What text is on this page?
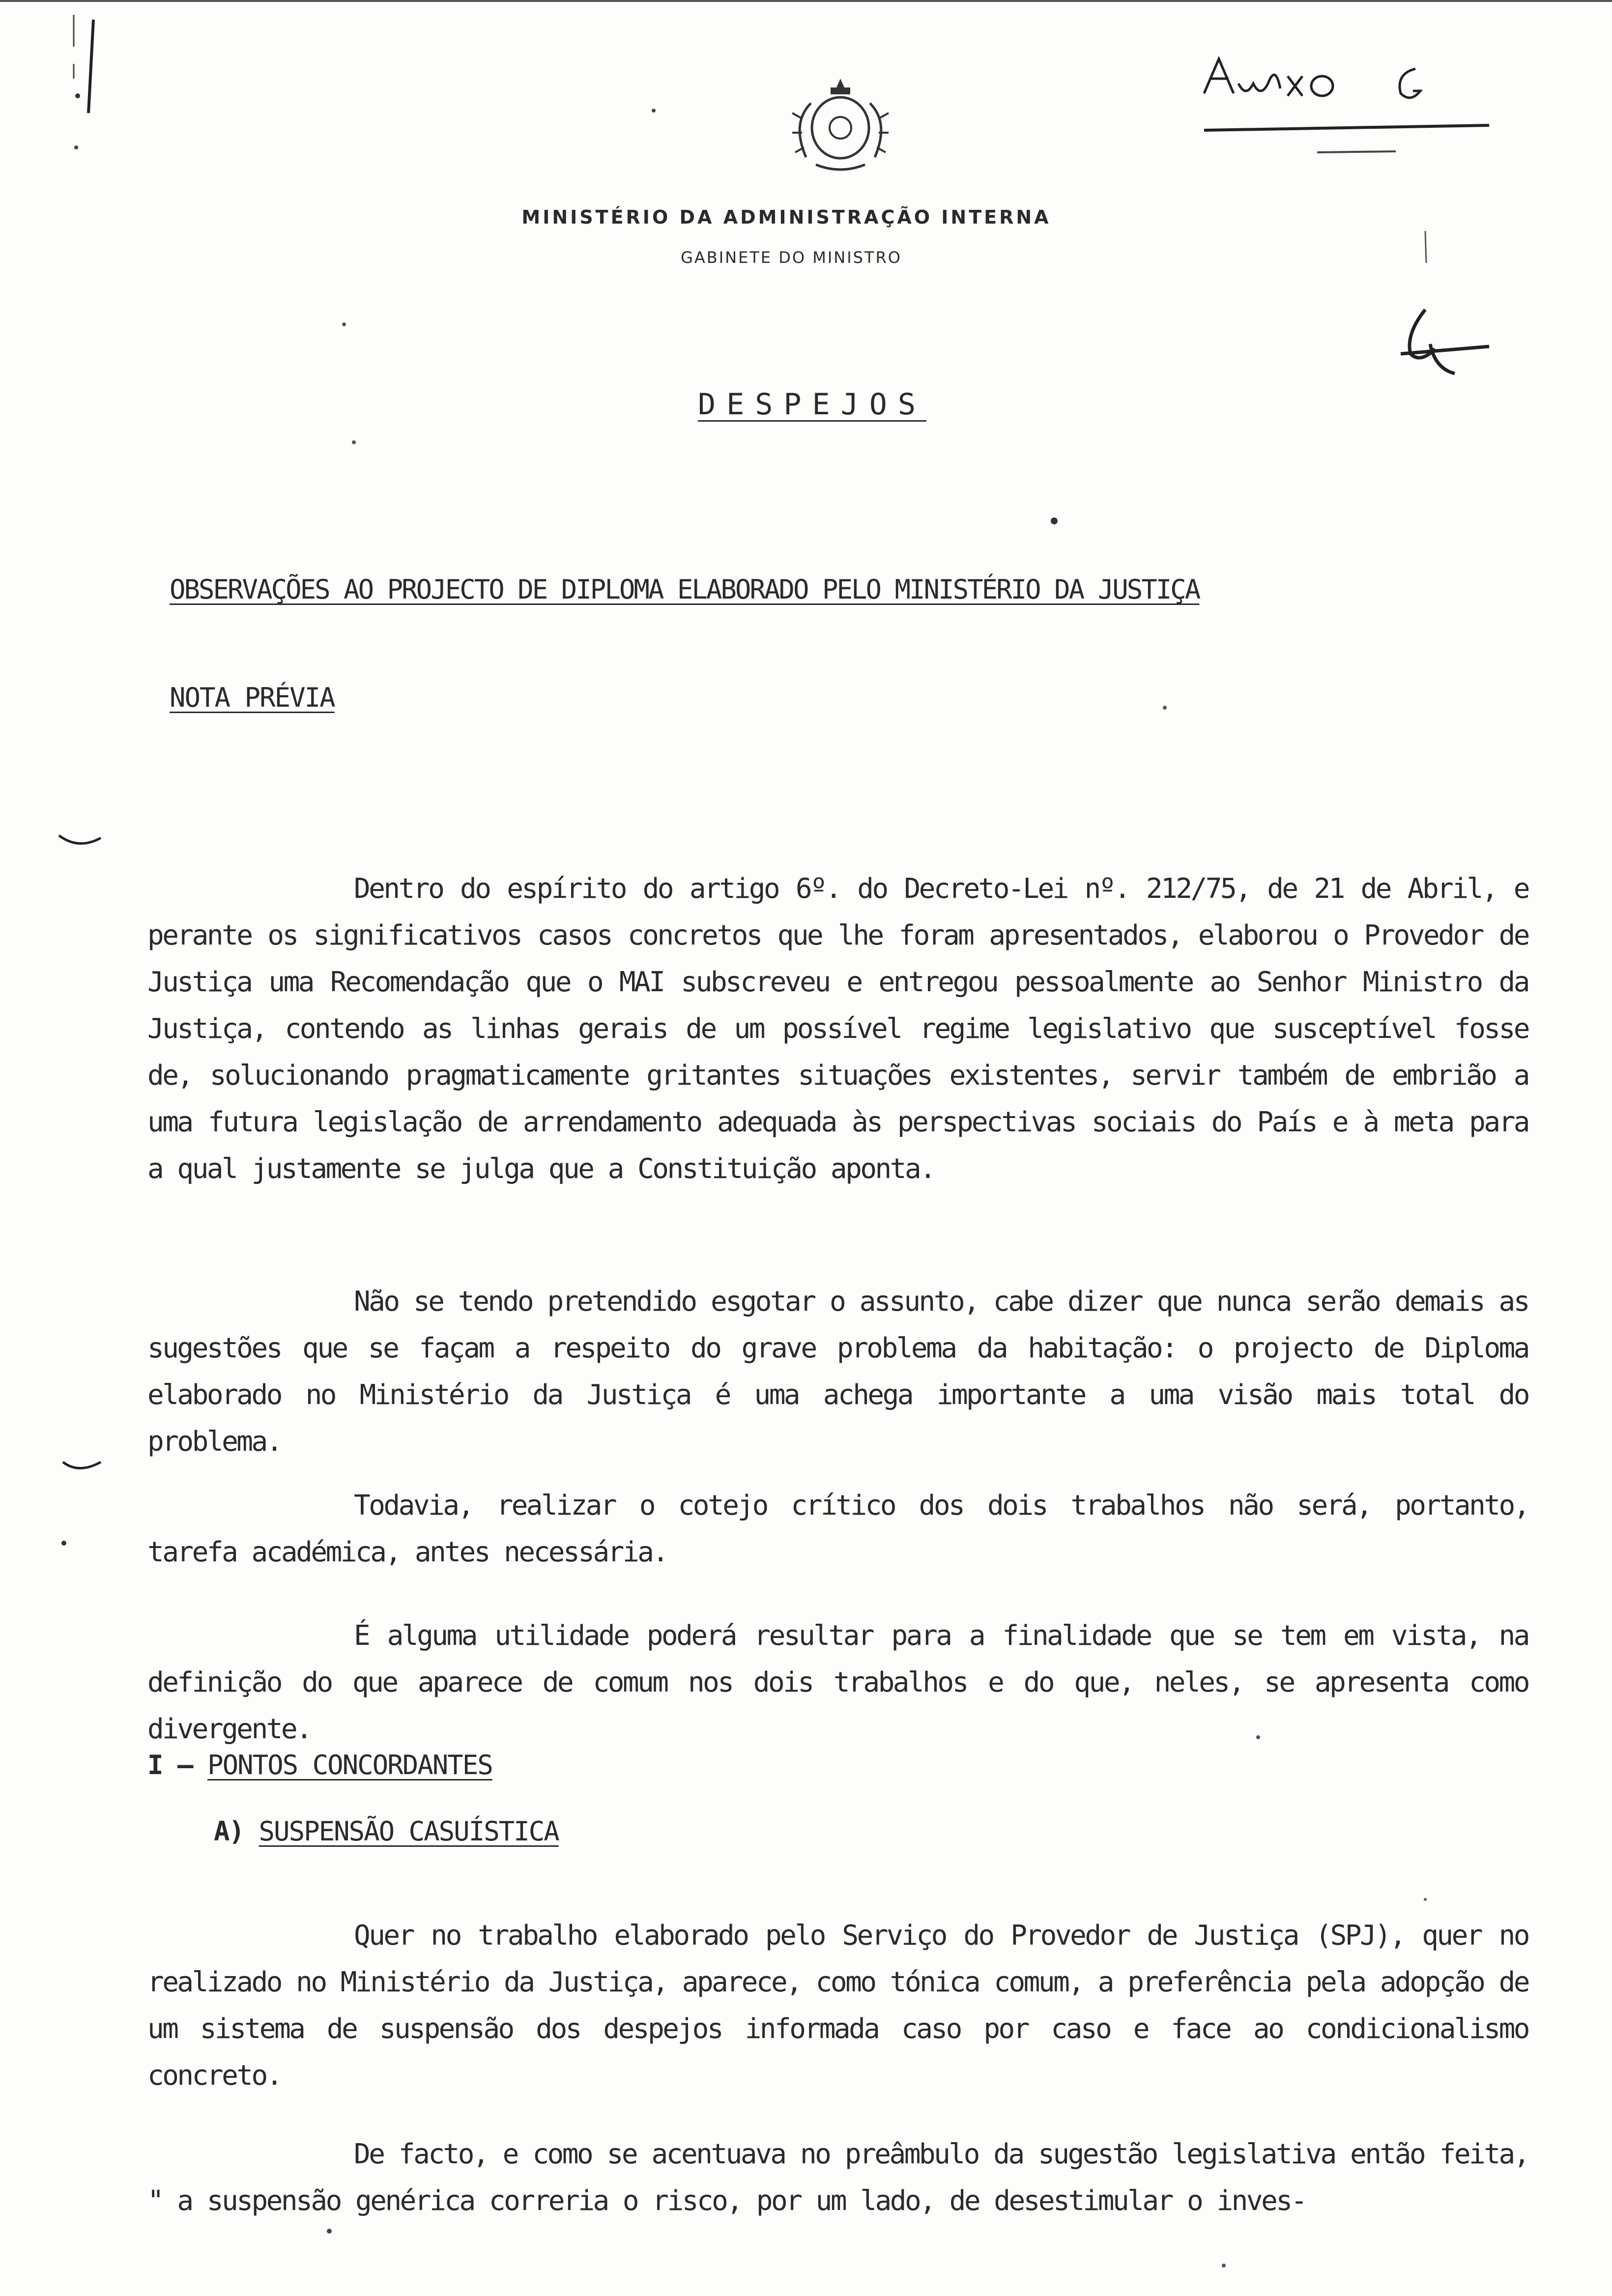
MINISTÉRIO DA ADMINISTRAÇÃO INTERNA
GABINETE DO MINISTRO
DESPEJOS
OBSERVAÇÕES AO PROJECTO DE DIPLOMA ELABORADO PELO MINISTÉRIO DA JUSTIÇA
NOTA PRÉVIA

Dentro do espírito do artigo 6º. do Decreto-Lei nº. 212/75, de 21 de Abril, e perante os significativos casos concretos que lhe foram apresentados, elaborou o Provedor de Justiça uma Recomendação que o MAI subscreveu e entregou pessoalmente ao Senhor Ministro da Justiça, contendo as linhas gerais de um possível regime legislativo que susceptível fosse de, solucionando pragmaticamente gritantes situações existentes, servir também de embrião a uma futura legislação de arrendamento adequada às perspectivas sociais do País e à meta para a qual justamente se julga que a Constituição aponta.

Não se tendo pretendido esgotar o assunto, cabe dizer que nunca serão demais as sugestões que se façam a respeito do grave problema da habitação: o projecto de Diploma elaborado no Ministério da Justiça é uma achega importante a uma visão mais total do problema.

Todavia, realizar o cotejo crítico dos dois trabalhos não será, portanto, tarefa académica, antes necessária.

É alguma utilidade poderá resultar para a finalidade que se tem em vista, na definição do que aparece de comum nos dois trabalhos e do que, neles, se apresenta como divergente.

I – PONTOS CONCORDANTES
A) SUSPENSÃO CASUÍSTICA

Quer no trabalho elaborado pelo Serviço do Provedor de Justiça (SPJ), quer no realizado no Ministério da Justiça, aparece, como tónica comum, a preferência pela adopção de um sistema de suspensão dos despejos informada caso por caso e face ao condicionalismo concreto.

De facto, e como se acentuava no preâmbulo da sugestão legislativa então feita, " a suspensão genérica correria o risco, por um lado, de desestimular o inves-
